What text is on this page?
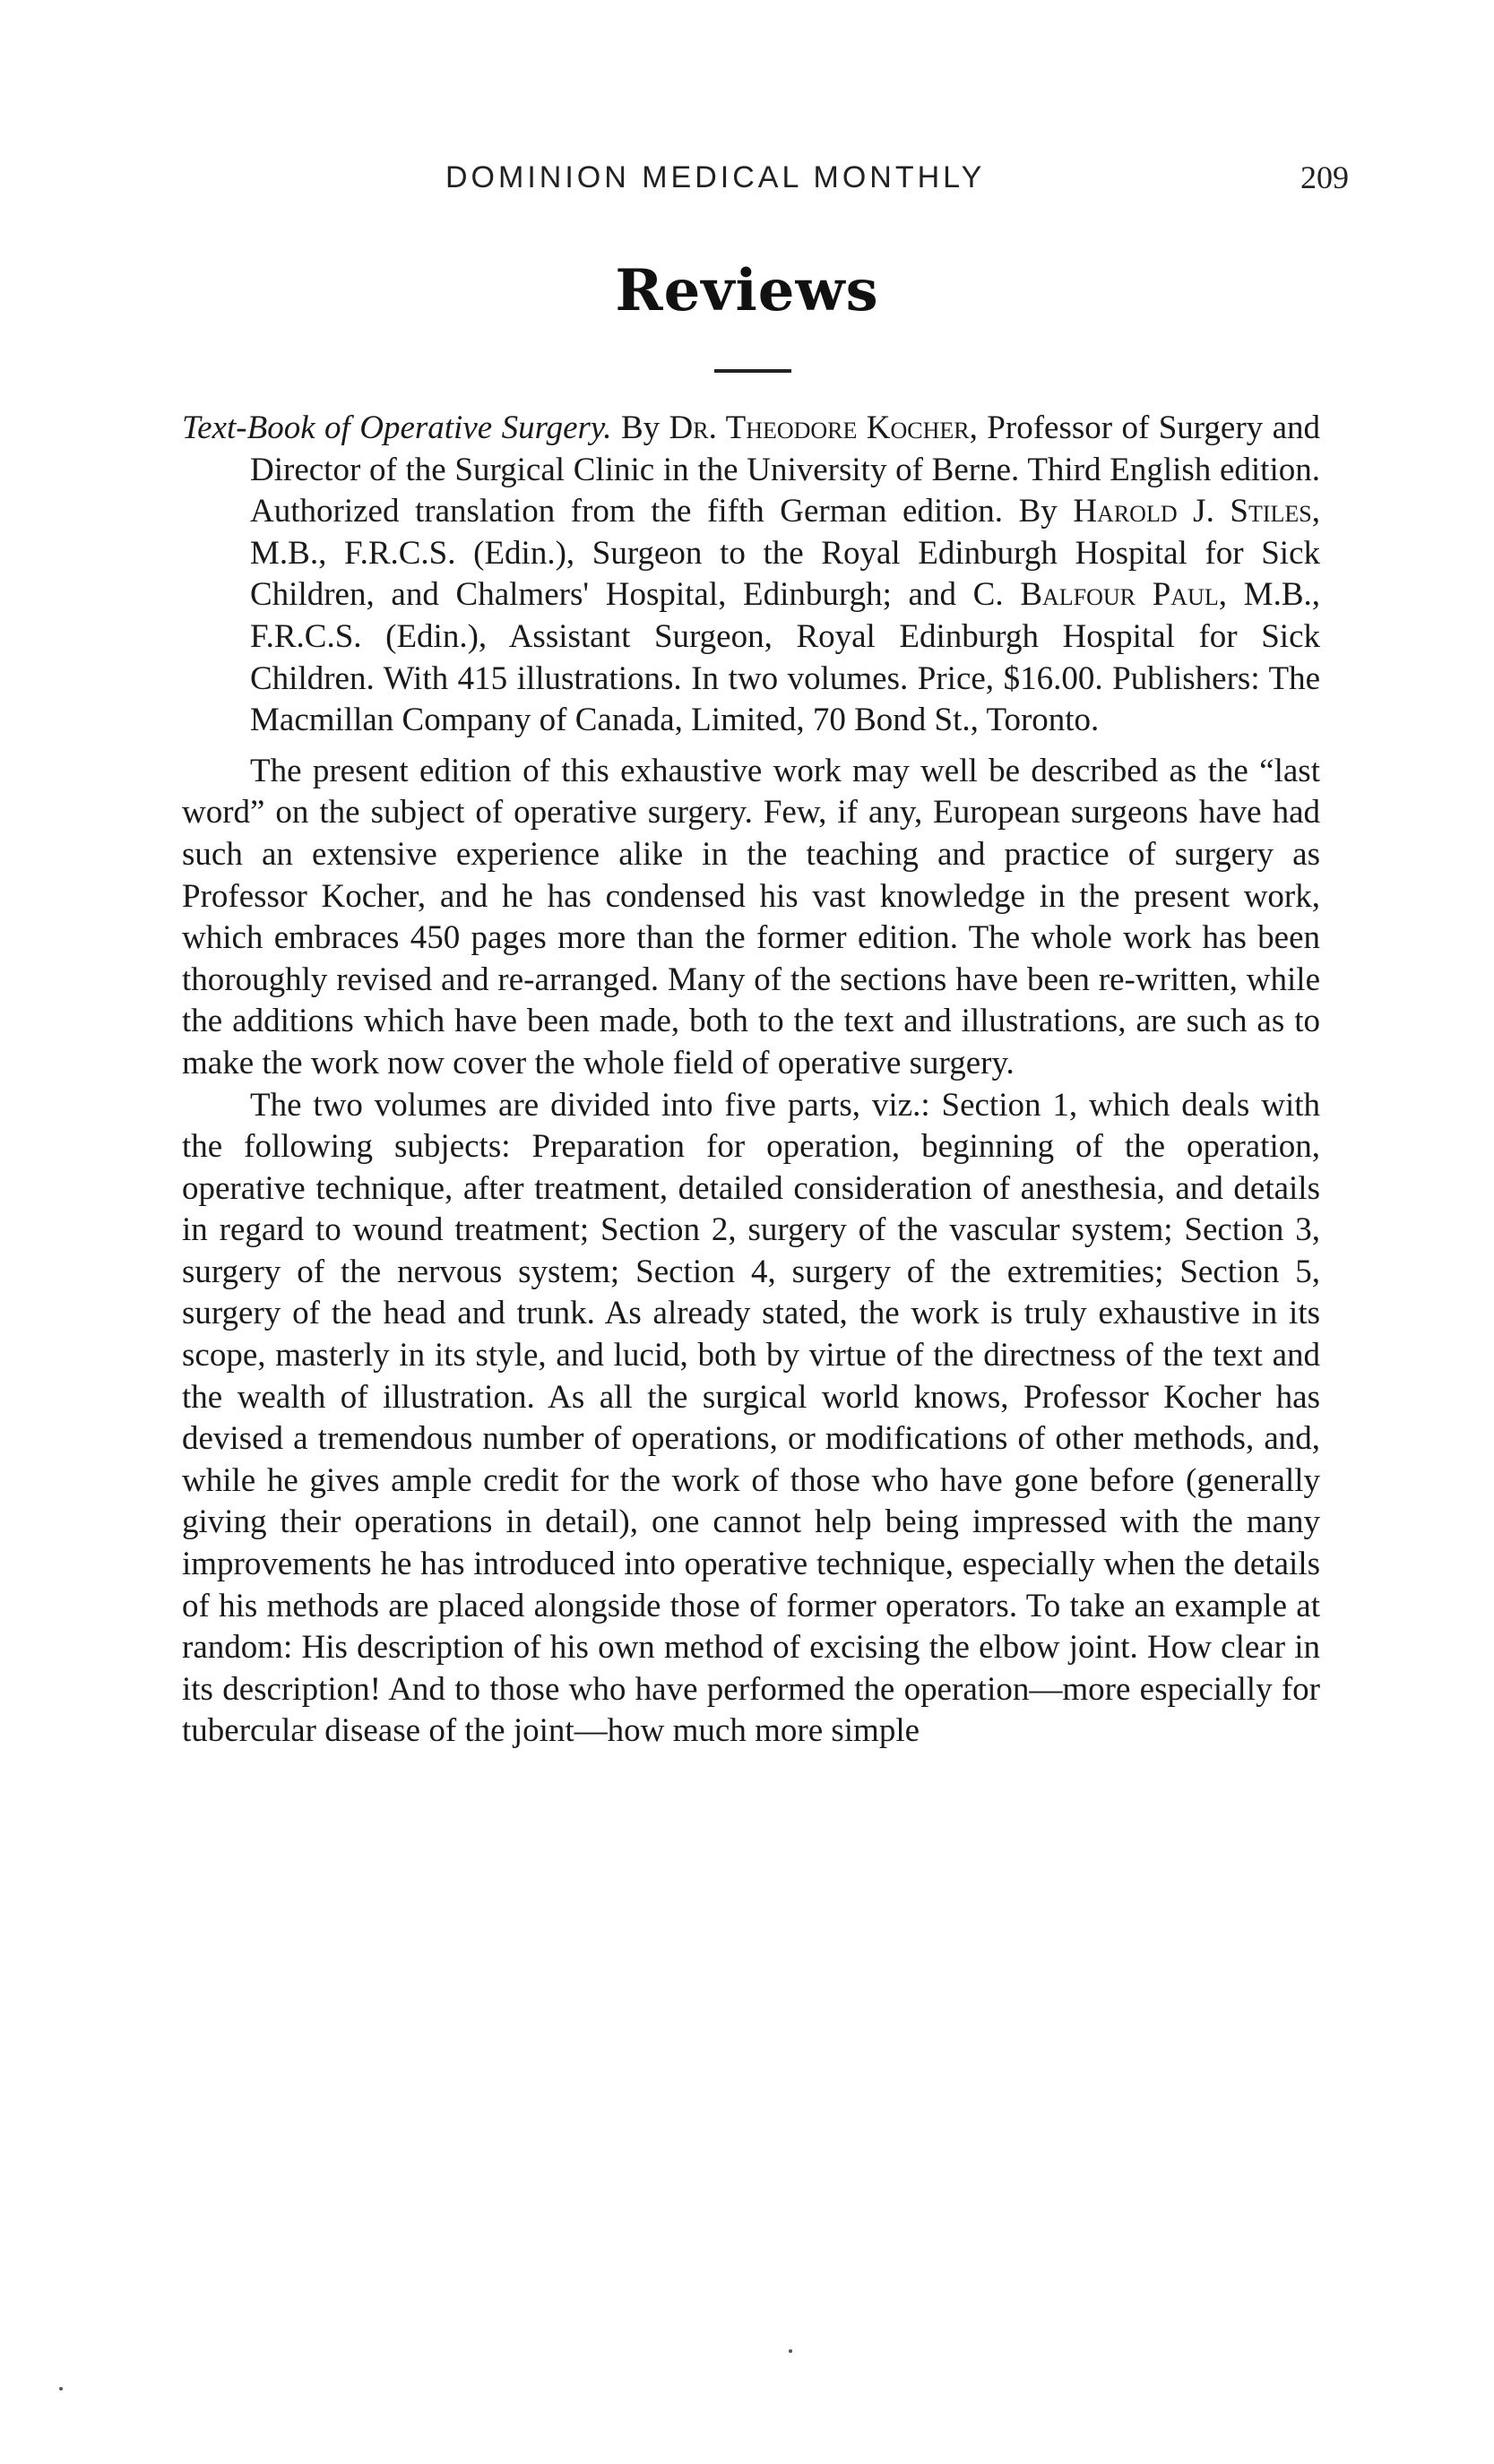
DOMINION MEDICAL MONTHLY	209
Reviews

Text-Book of Operative Surgery. By Dr. Theodore Kocher, Professor of Surgery and Director of the Surgical Clinic in the University of Berne. Third English edition. Authorized translation from the fifth German edition. By Harold J. Stiles, M.B., F.R.C.S. (Edin.), Surgeon to the Royal Edinburgh Hospital for Sick Children, and Chalmers' Hospital, Edinburgh; and C. Balfour Paul, M.B., F.R.C.S. (Edin.), Assistant Surgeon, Royal Edinburgh Hospital for Sick Children. With 415 illustrations. In two volumes. Price, $16.00. Publishers: The Macmillan Company of Canada, Limited, 70 Bond St., Toronto.

The present edition of this exhaustive work may well be described as the “last word” on the subject of operative surgery. Few, if any, European surgeons have had such an extensive experience alike in the teaching and practice of surgery as Professor Kocher, and he has condensed his vast knowledge in the present work, which embraces 450 pages more than the former edition. The whole work has been thoroughly revised and re-arranged. Many of the sections have been re-written, while the additions which have been made, both to the text and illustrations, are such as to make the work now cover the whole field of operative surgery.

The two volumes are divided into five parts, viz.: Section 1, which deals with the following subjects: Preparation for operation, beginning of the operation, operative technique, after treatment, detailed consideration of anesthesia, and details in regard to wound treatment; Section 2, surgery of the vascular system; Section 3, surgery of the nervous system; Section 4, surgery of the extremities; Section 5, surgery of the head and trunk. As already stated, the work is truly exhaustive in its scope, masterly in its style, and lucid, both by virtue of the directness of the text and the wealth of illustration. As all the surgical world knows, Professor Kocher has devised a tremendous number of operations, or modifications of other methods, and, while he gives ample credit for the work of those who have gone before (generally giving their operations in detail), one cannot help being impressed with the many improvements he has introduced into operative technique, especially when the details of his methods are placed alongside those of former operators. To take an example at random: His description of his own method of excising the elbow joint. How clear in its description! And to those who have performed the operation—more especially for tubercular disease of the joint—how much more simple
